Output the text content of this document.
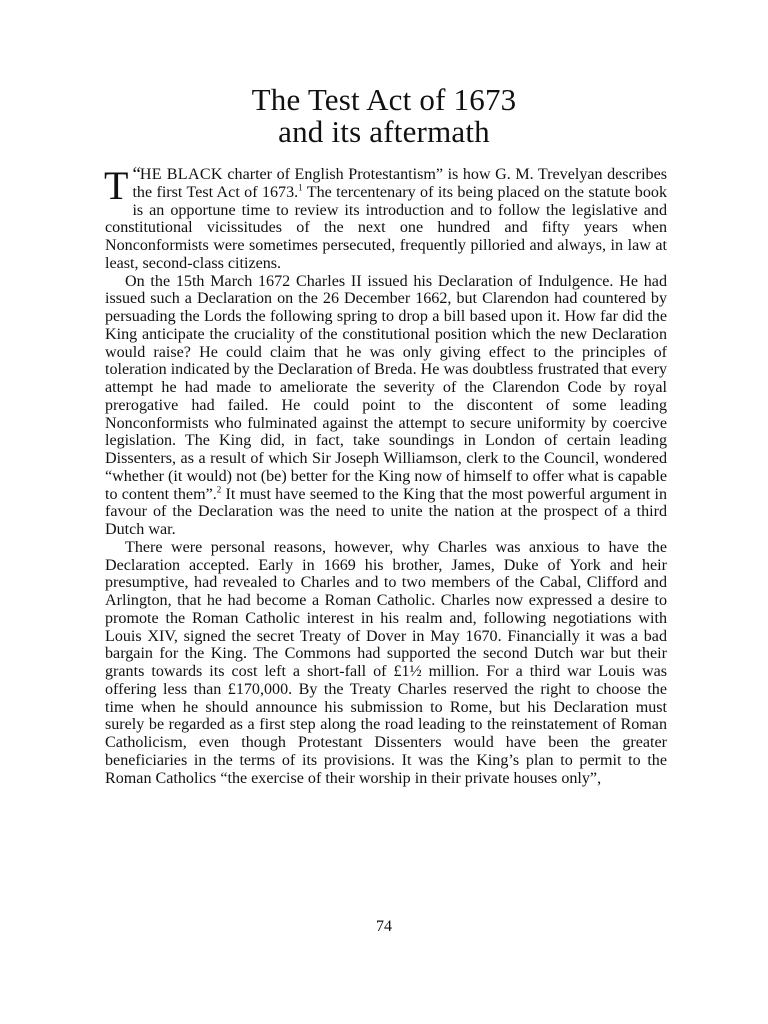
The Test Act of 1673
and its aftermath

“
T HE BLACK charter of English Protestantism” is how G. M. Trevelyan describes the first Test Act of 1673.$^1$ The tercentenary of its being placed on the statute book is an opportune time to review its introduction and to follow the legislative and constitutional vicissitudes of the next one hundred and fifty years when Nonconformists were sometimes persecuted, frequently pilloried and always, in law at least, second-class citizens.

On the 15th March 1672 Charles II issued his Declaration of Indulgence. He had issued such a Declaration on the 26 December 1662, but Clarendon had countered by persuading the Lords the following spring to drop a bill based upon it. How far did the King anticipate the cruciality of the constitutional position which the new Declaration would raise? He could claim that he was only giving effect to the principles of toleration indicated by the Declaration of Breda. He was doubtless frustrated that every attempt he had made to ameliorate the severity of the Clarendon Code by royal prerogative had failed. He could point to the discontent of some leading Nonconformists who fulminated against the attempt to secure uniformity by coercive legislation. The King did, in fact, take soundings in London of certain leading Dissenters, as a result of which Sir Joseph Williamson, clerk to the Council, wondered “whether (it would) not (be) better for the King now of himself to offer what is capable to content them”.$^2$ It must have seemed to the King that the most powerful argument in favour of the Declaration was the need to unite the nation at the prospect of a third Dutch war.

There were personal reasons, however, why Charles was anxious to have the Declaration accepted. Early in 1669 his brother, James, Duke of York and heir presumptive, had revealed to Charles and to two members of the Cabal, Clifford and Arlington, that he had become a Roman Catholic. Charles now expressed a desire to promote the Roman Catholic interest in his realm and, following negotiations with Louis XIV, signed the secret Treaty of Dover in May 1670. Financially it was a bad bargain for the King. The Commons had supported the second Dutch war but their grants towards its cost left a short-fall of £1½ million. For a third war Louis was offering less than £170,000. By the Treaty Charles reserved the right to choose the time when he should announce his submission to Rome, but his Declaration must surely be regarded as a first step along the road leading to the reinstatement of Roman Catholicism, even though Protestant Dissenters would have been the greater beneficiaries in the terms of its provisions. It was the King’s plan to permit to the Roman Catholics “the exercise of their worship in their private houses only”,

74
